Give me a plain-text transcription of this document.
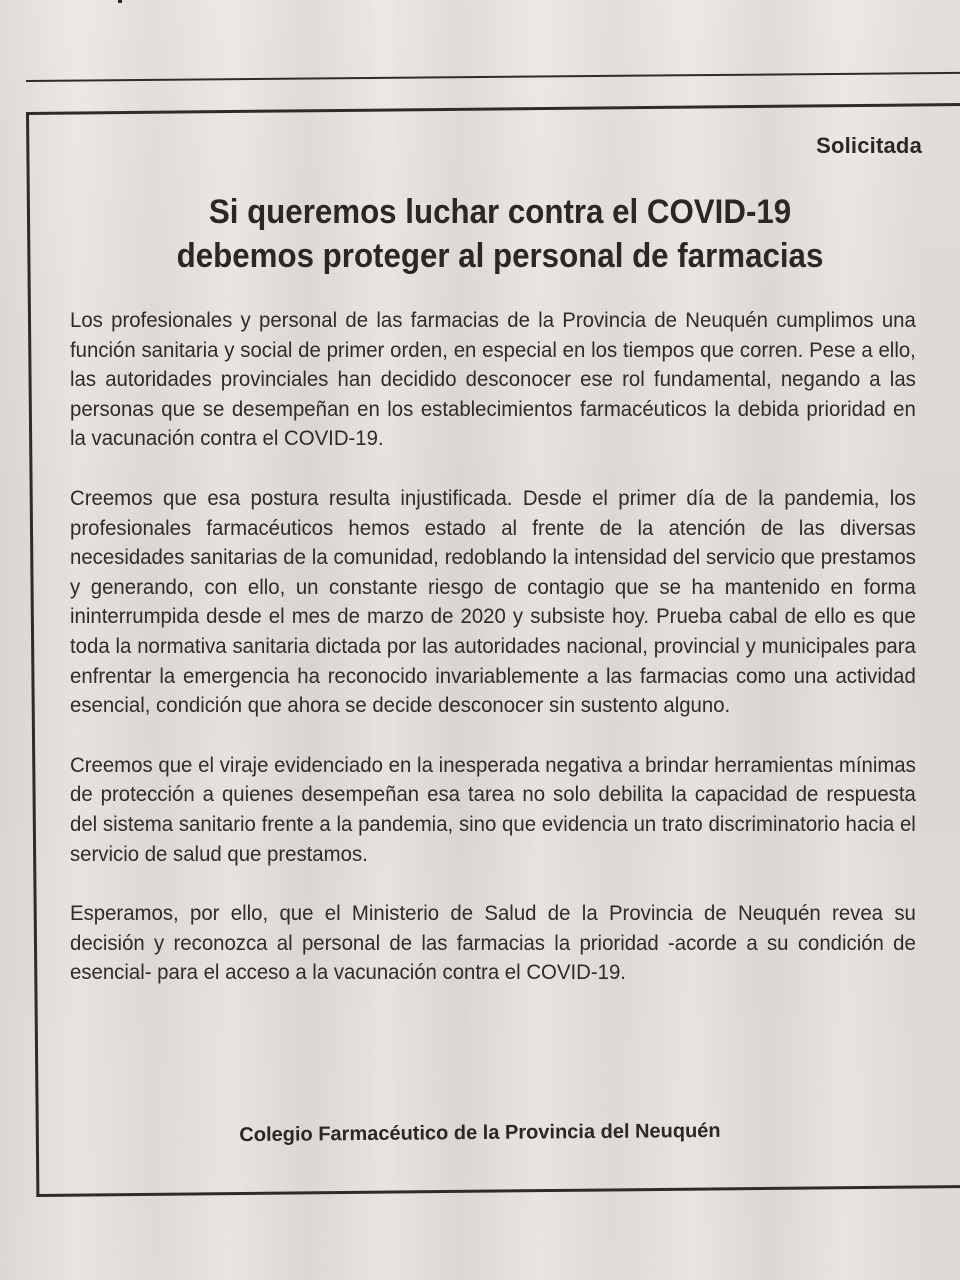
Solicitada
Si queremos luchar contra el COVID-19
debemos proteger al personal de farmacias

Los profesionales y personal de las farmacias de la Provincia de Neuquén cumplimos una función sanitaria y social de primer orden, en especial en los tiempos que corren. Pese a ello, las autoridades provinciales han decidido desconocer ese rol fundamental, negando a las personas que se desempeñan en los establecimientos farmacéuticos la debida prioridad en la vacunación contra el COVID-19.

Creemos que esa postura resulta injustificada. Desde el primer día de la pandemia, los profesionales farmacéuticos hemos estado al frente de la atención de las diversas necesidades sanitarias de la comunidad, redoblando la intensidad del servicio que prestamos y generando, con ello, un constante riesgo de contagio que se ha mantenido en forma ininterrumpida desde el mes de marzo de 2020 y subsiste hoy. Prueba cabal de ello es que toda la normativa sanitaria dictada por las autoridades nacional, provincial y municipales para enfrentar la emergencia ha reconocido invariablemente a las farmacias como una actividad esencial, condición que ahora se decide desconocer sin sustento alguno.

Creemos que el viraje evidenciado en la inesperada negativa a brindar herramientas mínimas de protección a quienes desempeñan esa tarea no solo debilita la capacidad de respuesta del sistema sanitario frente a la pandemia, sino que evidencia un trato discriminatorio hacia el servicio de salud que prestamos.

Esperamos, por ello, que el Ministerio de Salud de la Provincia de Neuquén revea su decisión y reconozca al personal de las farmacias la prioridad -acorde a su condición de esencial- para el acceso a la vacunación contra el COVID-19.

Colegio Farmacéutico de la Provincia del Neuquén
